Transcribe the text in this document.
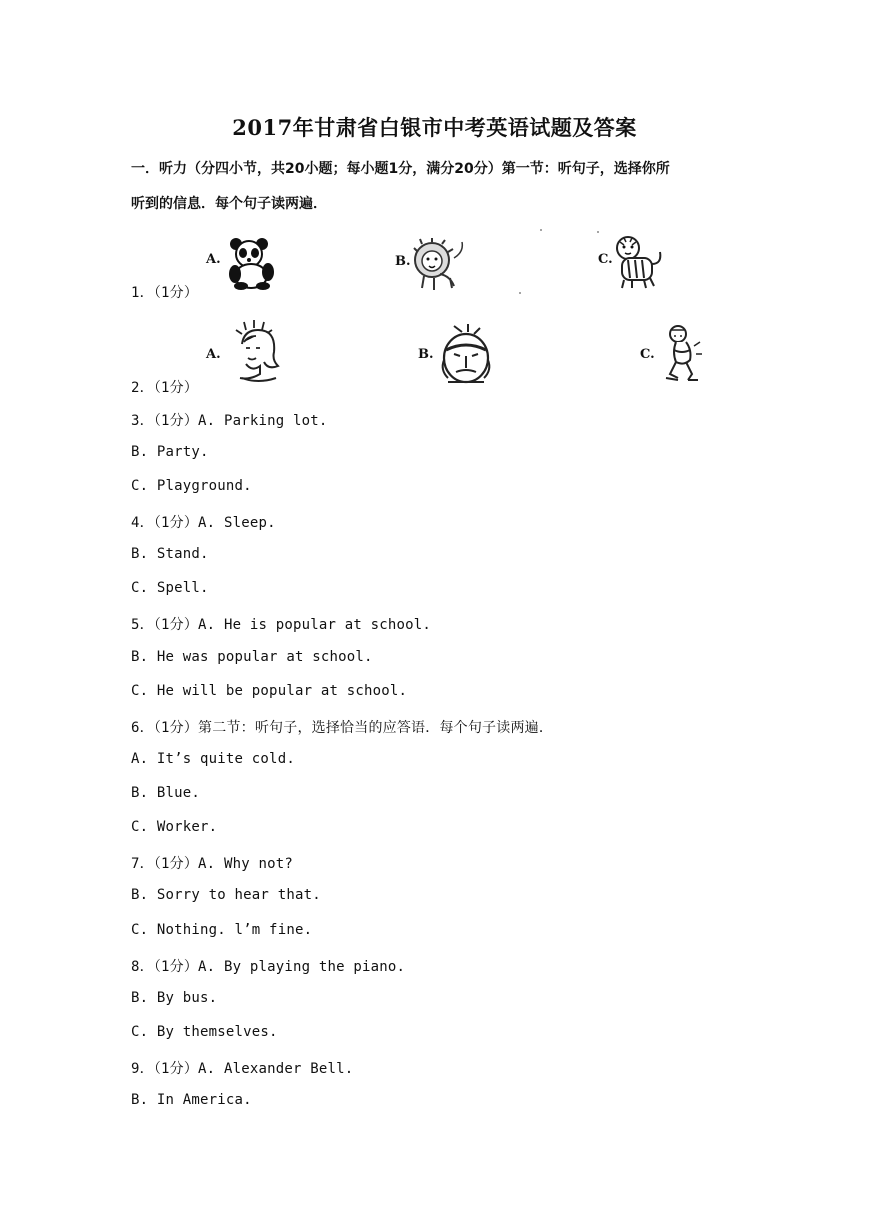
2017年甘肃省白银市中考英语试题及答案
一．听力（分四小节，共20小题；每小题1分，满分20分）第一节：听句子，选择你所
听到的信息．每个句子读两遍．
A.	B.	C.
1．（1分）
A.	B.	C.
2．（1分）
3．（1分）A. Parking lot.
B. Party.
C. Playground.
4．（1分）A. Sleep.
B. Stand.
C. Spell.
5．（1分）A. He is popular at school.
B. He was popular at school.
C. He will be popular at school.
6．（1分）第二节：听句子，选择恰当的应答语．每个句子读两遍．
A. It’s quite cold.
B. Blue.
C. Worker.
7．（1分）A. Why not?
B. Sorry to hear that.
C. Nothing. l’m fine.
8．（1分）A. By playing the piano.
B. By bus.
C. By themselves.
9．（1分）A. Alexander Bell.
B. In America.
